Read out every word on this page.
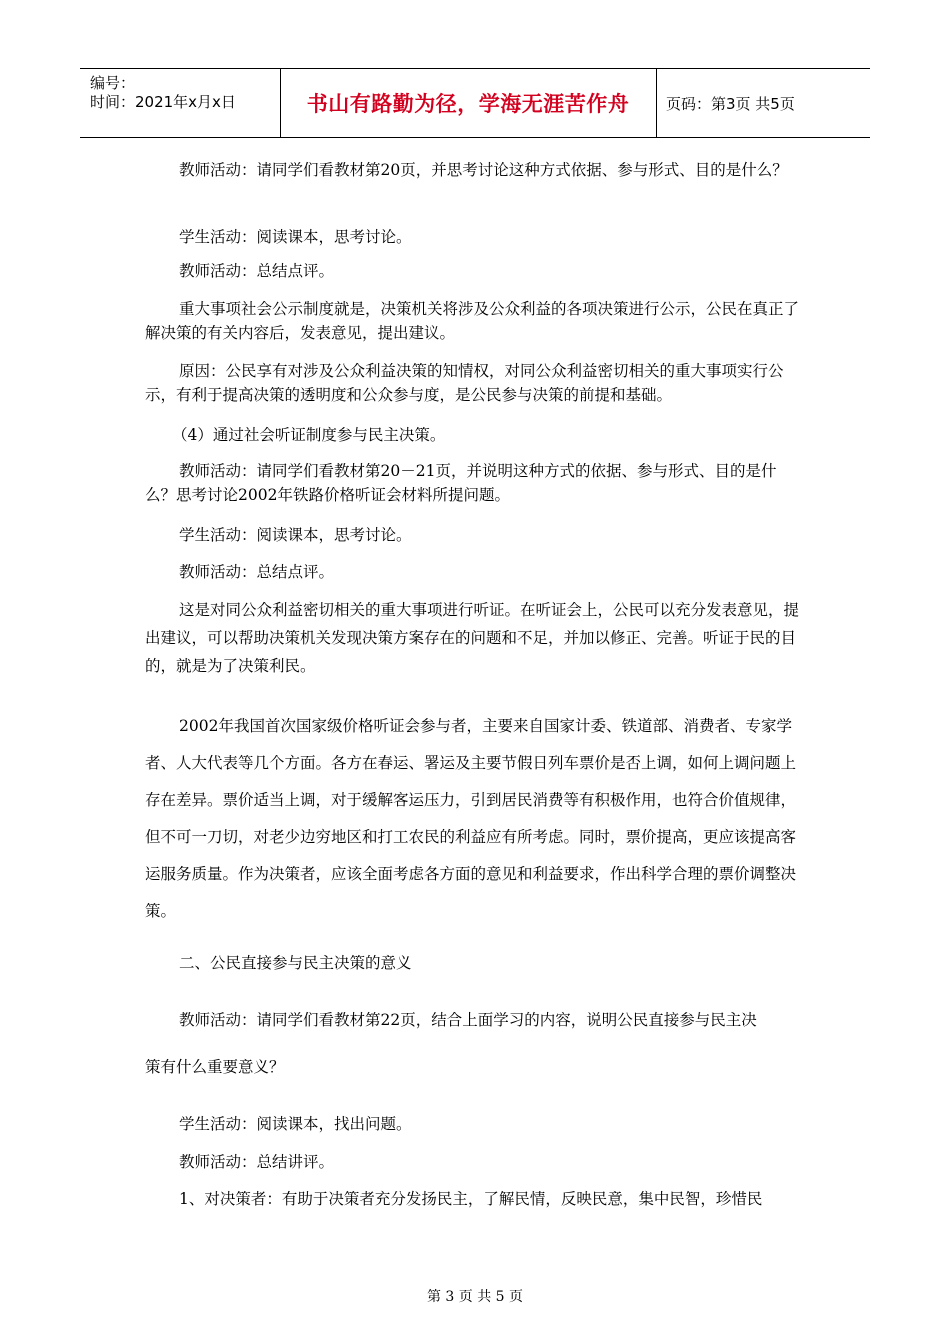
编号：
时间：2021年x月x日	书山有路勤为径，学海无涯苦作舟 页码：第3页 共5页

教师活动：请同学们看教材第20页，并思考讨论这种方式依据、参与形式、目的是什么？

学生活动：阅读课本，思考讨论。

教师活动：总结点评。

重大事项社会公示制度就是，决策机关将涉及公众利益的各项决策进行公示，公民在真正了解决策的有关内容后，发表意见，提出建议。

原因：公民享有对涉及公众利益决策的知情权，对同公众利益密切相关的重大事项实行公示，有利于提高决策的透明度和公众参与度，是公民参与决策的前提和基础。

（4）通过社会听证制度参与民主决策。

教师活动：请同学们看教材第20－21页，并说明这种方式的依据、参与形式、目的是什么？思考讨论2002年铁路价格听证会材料所提问题。

学生活动：阅读课本，思考讨论。

教师活动：总结点评。

这是对同公众利益密切相关的重大事项进行听证。在听证会上，公民可以充分发表意见，提出建议，可以帮助决策机关发现决策方案存在的问题和不足，并加以修正、完善。听证于民的目的，就是为了决策利民。

2002年我国首次国家级价格听证会参与者，主要来自国家计委、铁道部、消费者、专家学者、人大代表等几个方面。各方在春运、署运及主要节假日列车票价是否上调，如何上调问题上存在差异。票价适当上调，对于缓解客运压力，引到居民消费等有积极作用，也符合价值规律，但不可一刀切，对老少边穷地区和打工农民的利益应有所考虑。同时，票价提高，更应该提高客运服务质量。作为决策者，应该全面考虑各方面的意见和利益要求，作出科学合理的票价调整决策。

二、公民直接参与民主决策的意义

教师活动：请同学们看教材第22页，结合上面学习的内容，说明公民直接参与民主决

策有什么重要意义？

学生活动：阅读课本，找出问题。

教师活动：总结讲评。

1、对决策者：有助于决策者充分发扬民主，了解民情，反映民意，集中民智，珍惜民

第 3 页 共 5 页
